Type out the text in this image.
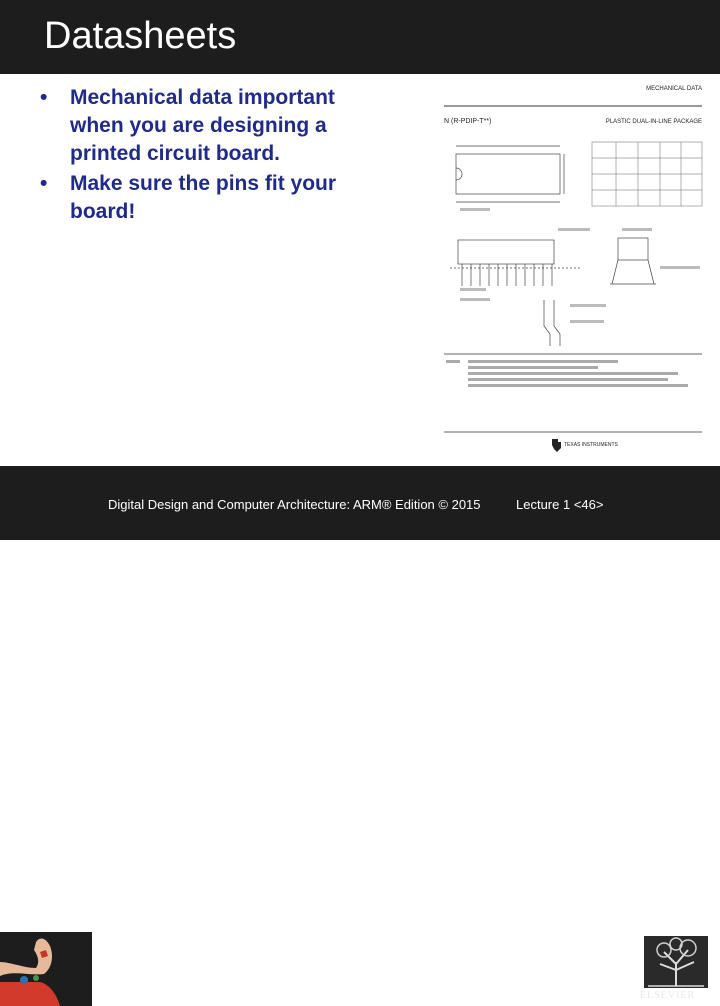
Datasheets
• Mechanical data important when you are designing a printed circuit board.
• Make sure the pins fit your board!
MECHANICAL DATA
N (R-PDIP-T**)	PLASTIC DUAL-IN-LINE PACKAGE
TEXAS INSTRUMENTS
Digital Design and Computer Architecture: ARM® Edition © 2015	Lecture 1 <46>
ELSEVIER
